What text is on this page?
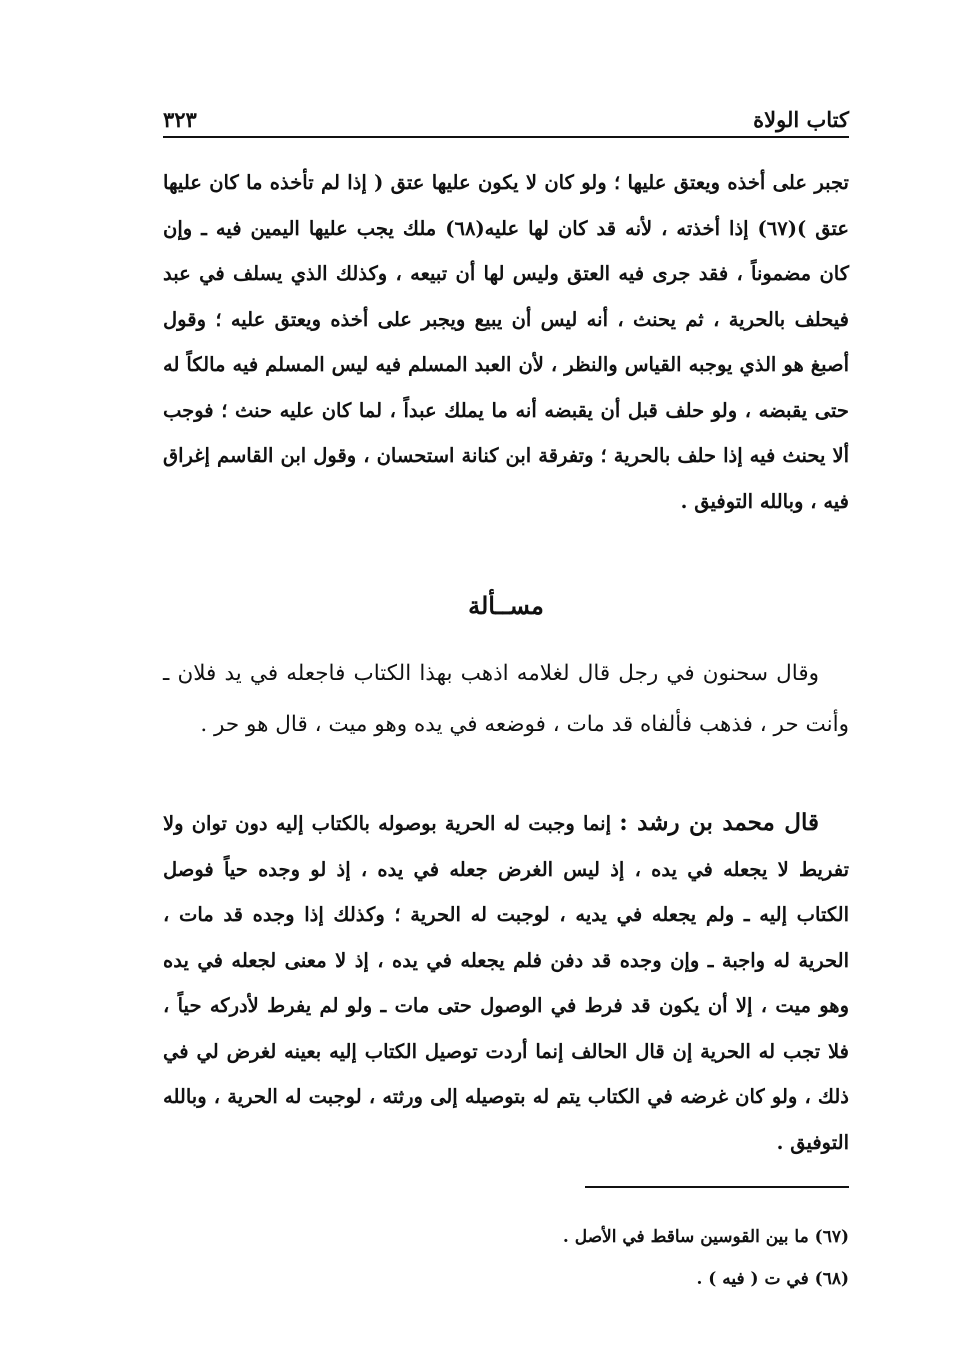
كتاب الولاة
٣٢٣
تجبر على أخذه ويعتق عليها ؛ ولو كان لا يكون عليها عتق ( إذا لم تأخذه ما كان عليها عتق )(٦٧) إذا أخذته ، لأنه قد كان لها عليه(٦٨) ملك يجب عليها اليمين فيه ـ وإن كان مضموناً ، فقد جرى فيه العتق وليس لها أن تبيعه ، وكذلك الذي يسلف في عبد فيحلف بالحرية ، ثم يحنث ، أنه ليس أن يبيع ويجبر على أخذه ويعتق عليه ؛ وقول أصبغ هو الذي يوجبه القياس والنظر ، لأن العبد المسلم فيه ليس المسلم فيه مالكاً له حتى يقبضه ، ولو حلف قبل أن يقبضه أنه ما يملك عبداً ، لما كان عليه حنث ؛ فوجب ألا يحنث فيه إذا حلف بالحرية ؛ وتفرقة ابن كنانة استحسان ، وقول ابن القاسم إغراق فيه ، وبالله التوفيق .
مســألة
وقال سحنون في رجل قال لغلامه اذهب بهذا الكتاب فاجعله في يد فلان ـ وأنت حر ، فذهب فألفاه قد مات ، فوضعه في يده وهو ميت ، قال هو حر .
قال محمد بن رشد : إنما وجبت له الحرية بوصوله بالكتاب إليه دون توان ولا تفريط لا يجعله في يده ، إذ ليس الغرض جعله في يده ، إذ لو وجده حياً فوصل الكتاب إليه ـ ولم يجعله في يديه ، لوجبت له الحرية ؛ وكذلك إذا وجده قد مات ، الحرية له واجبة ـ وإن وجده قد دفن فلم يجعله في يده ، إذ لا معنى لجعله في يده وهو ميت ، إلا أن يكون قد فرط في الوصول حتى مات ـ ولو لم يفرط لأدركه حياً ، فلا تجب له الحرية إن قال الحالف إنما أردت توصيل الكتاب إليه بعينه لغرض لي في ذلك ، ولو كان غرضه في الكتاب يتم له بتوصيله إلى ورثته ، لوجبت له الحرية ، وبالله التوفيق .
(٦٧) ما بين القوسين ساقط في الأصل .
(٦٨) في ت ( فيه ) .
